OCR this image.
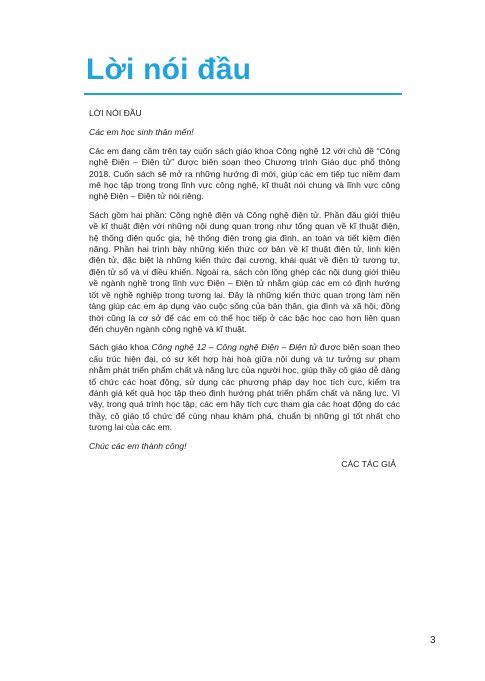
Lời nói đầu

LỜI NÓI ĐẦU

Các em học sinh thân mến!

Các em đang cầm trên tay cuốn sách giáo khoa Công nghệ 12 với chủ đề “Công nghệ Điện – Điện tử” được biên soạn theo Chương trình Giáo dục phổ thông 2018. Cuốn sách sẽ mở ra những hướng đi mới, giúp các em tiếp tục niềm đam mê học tập trong trong lĩnh vực công nghệ, kĩ thuật nói chung và lĩnh vực công nghệ Điện – Điện tử nói riêng.

Sách gồm hai phần: Công nghệ điện và Công nghệ điện tử. Phần đầu giới thiệu về kĩ thuật điện với những nội dung quan trọng như tổng quan về kĩ thuật điện, hệ thống điện quốc gia, hệ thống điện trong gia đình, an toàn và tiết kiệm điện năng. Phần hai trình bày những kiến thức cơ bản về kĩ thuật điện tử, linh kiện điện tử, đặc biệt là những kiến thức đại cương, khái quát về điện tử tương tự, điện tử số và vi điều khiển. Ngoài ra, sách còn lồng ghép các nội dung giới thiệu về ngành nghề trong lĩnh vực Điện – Điện tử nhằm giúp các em có định hướng tốt về nghề nghiệp trong tương lai. Đây là những kiến thức quan trọng làm nền tảng giúp các em áp dụng vào cuộc sống của bản thân, gia đình và xã hội, đồng thời cũng là cơ sở để các em có thể học tiếp ở các bậc học cao hơn liên quan đến chuyên ngành công nghệ và kĩ thuật.

Sách giáo khoa Công nghệ 12 – Công nghệ Điện – Điện tử được biên soạn theo cấu trúc hiện đại, có sự kết hợp hài hoà giữa nội dung và tư tưởng sư phạm nhằm phát triển phẩm chất và năng lực của người học, giúp thầy cô giáo dễ dàng tổ chức các hoạt động, sử dụng các phương pháp dạy học tích cực, kiểm tra đánh giá kết quả học tập theo định hướng phát triển phẩm chất và năng lực. Vì vậy, trong quá trình học tập, các em hãy tích cực tham gia các hoạt động do các thầy, cô giáo tổ chức để cùng nhau khám phá, chuẩn bị những gì tốt nhất cho tương lai của các em.

Chúc các em thành công!

CÁC TÁC GIẢ

3
